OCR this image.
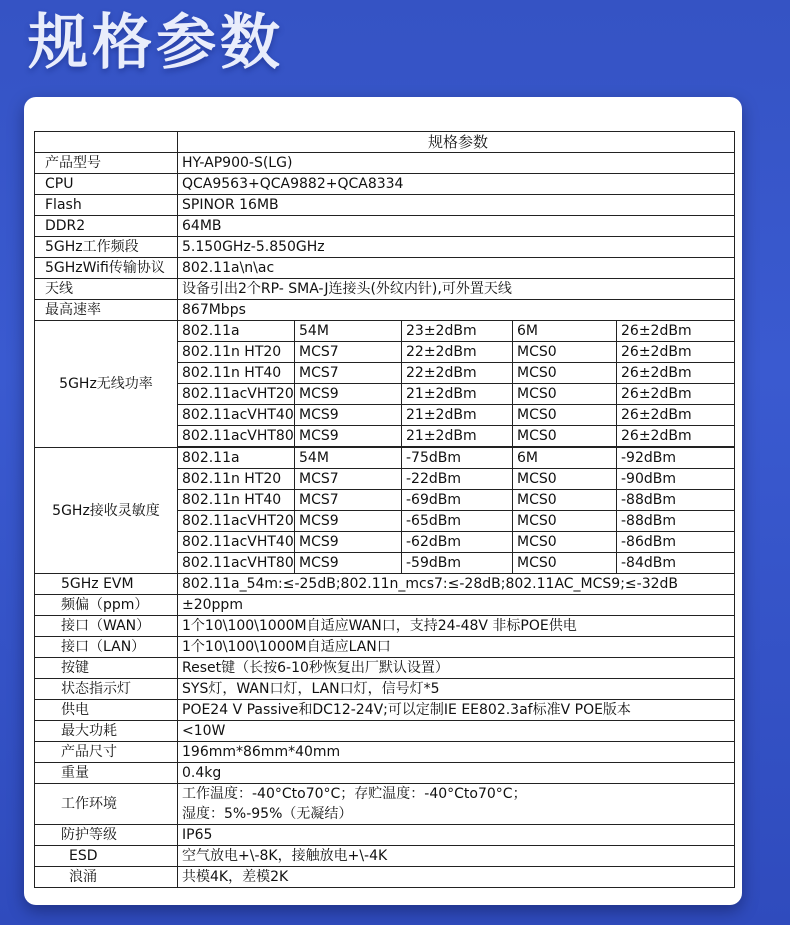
规格参数
	规格参数				
产品型号	HY-AP900-S(LG)				
CPU	QCA9563+QCA9882+QCA8334				
Flash	SPINOR 16MB				
DDR2	64MB				
5GHz工作频段	5.150GHz-5.850GHz				
5GHzWifi传输协议	802.11a\n\ac				
天线	设备引出2个RP- SMA-J连接头(外纹内针),可外置天线				
最高速率	867Mbps				
5GHz无线功率	802.11a	54M	23±2dBm	6M	26±2dBm
	802.11n HT20	MCS7	22±2dBm	MCS0	26±2dBm
	802.11n HT40	MCS7	22±2dBm	MCS0	26±2dBm
	802.11acVHT20	MCS9	21±2dBm	MCS0	26±2dBm
	802.11acVHT40	MCS9	21±2dBm	MCS0	26±2dBm
	802.11acVHT80	MCS9	21±2dBm	MCS0	26±2dBm

5GHz接收灵敏度	802.11a	54M	-75dBm	6M	-92dBm
	802.11n HT20	MCS7	-22dBm	MCS0	-90dBm
	802.11n HT40	MCS7	-69dBm	MCS0	-88dBm
	802.11acVHT20	MCS9	-65dBm	MCS0	-88dBm
	802.11acVHT40	MCS9	-62dBm	MCS0	-86dBm
	802.11acVHT80	MCS9	-59dBm	MCS0	-84dBm
5GHz EVM	802.11a_54m:≤-25dB;802.11n_mcs7:≤-28dB;802.11AC_MCS9;≤-32dB				
频偏（ppm）	±20ppm				
接口（WAN）	1个10\100\1000M自适应WAN口，支持24-48V 非标POE供电				
接口（LAN）	1个10\100\1000M自适应LAN口				
按键	Reset键（长按6-10秒恢复出厂默认设置）				
状态指示灯	SYS灯，WAN口灯，LAN口灯，信号灯*5				
供电	POE24 V Passive和DC12-24V;可以定制IE EE802.3af标准V POE版本				
最大功耗	<10W				
产品尺寸	196mm*86mm*40mm				
重量	0.4kg				
工作环境	工作温度：-40°Cto70°C；存贮温度：-40°Cto70°C；
湿度：5%-95%（无凝结）				

防护等级	IP65				
ESD	空气放电+\-8K，接触放电+\-4K				
浪涌	共模4K，差模2K				
